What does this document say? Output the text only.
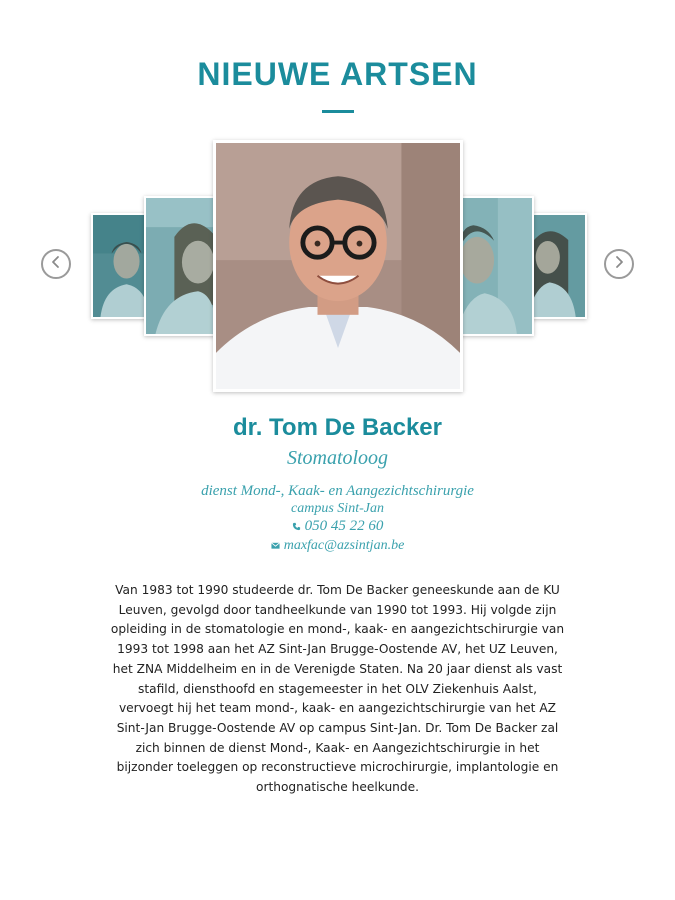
NIEUWE ARTSEN
dr. Tom De Backer
Stomatoloog
dienst Mond-, Kaak- en Aangezichtschirurgie
campus Sint-Jan
050 45 22 60
maxfac@azsintjan.be

Van 1983 tot 1990 studeerde dr. Tom De Backer geneeskunde aan de KU Leuven, gevolgd door tandheelkunde van 1990 tot 1993. Hij volgde zijn opleiding in de stomatologie en mond-, kaak- en aangezichtschirurgie van 1993 tot 1998 aan het AZ Sint-Jan Brugge-Oostende AV, het UZ Leuven, het ZNA Middelheim en in de Verenigde Staten. Na 20 jaar dienst als vast stafild, diensthoofd en stagemeester in het OLV Ziekenhuis Aalst, vervoegt hij het team mond-, kaak- en aangezichtschirurgie van het AZ Sint-Jan Brugge-Oostende AV op campus Sint-Jan. Dr. Tom De Backer zal zich binnen de dienst Mond-, Kaak- en Aangezichtschirurgie in het bijzonder toeleggen op reconstructieve microchirurgie, implantologie en orthognatische heelkunde.
